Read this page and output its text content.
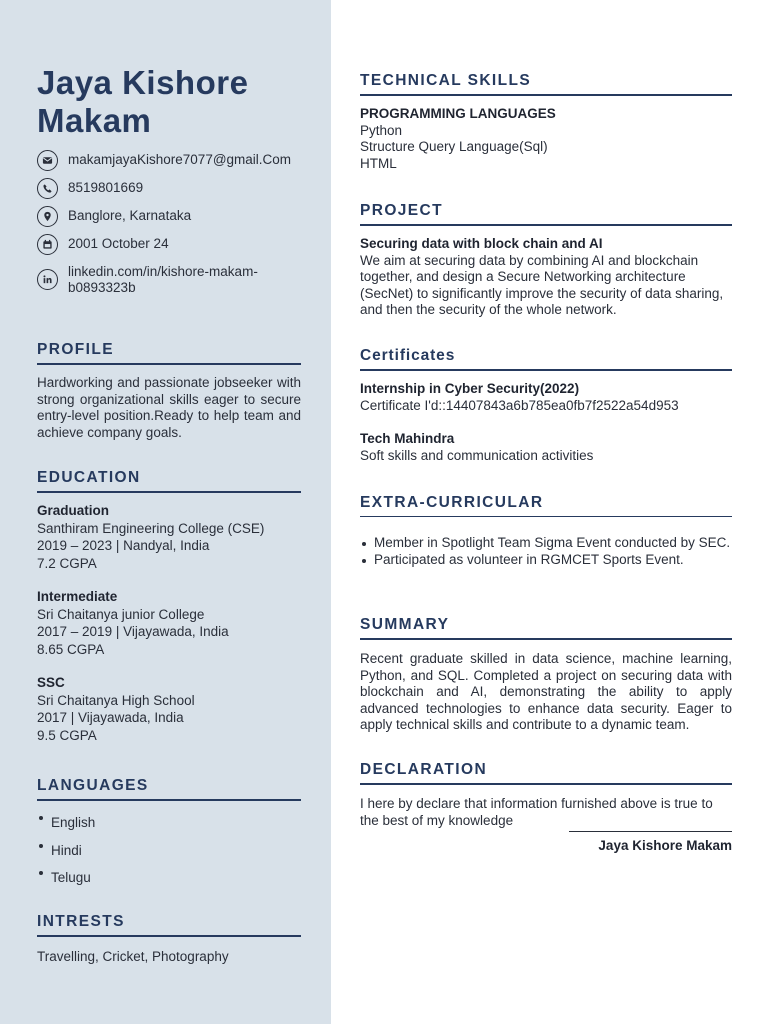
Jaya Kishore
Makam
makamjayaKishore7077@gmail.Com
8519801669
Banglore, Karnataka
2001 October 24
linkedin.com/in/kishore-makam-b0893323b
PROFILE
Hardworking and passionate jobseeker with strong organizational skills eager to secure entry-level position.Ready to help team and achieve company goals.
EDUCATION
Graduation
Santhiram Engineering College (CSE)
2019 – 2023 | Nandyal, India
7.2 CGPA
Intermediate
Sri Chaitanya junior College
2017 – 2019 | Vijayawada, India
8.65 CGPA
SSC
Sri Chaitanya High School
2017 | Vijayawada, India
9.5 CGPA
LANGUAGES
English
Hindi
Telugu
INTRESTS
Travelling, Cricket, Photography
TECHNICAL SKILLS
PROGRAMMING LANGUAGES
Python
Structure Query Language(Sql)
HTML
PROJECT
Securing data with block chain and AI
We aim at securing data by combining AI and blockchain together, and design a Secure Networking architecture (SecNet) to significantly improve the security of data sharing, and then the security of the whole network.
Certificates
Internship in Cyber Security(2022)
Certificate I'd::14407843a6b785ea0fb7f2522a54d953
Tech Mahindra
Soft skills and communication activities
EXTRA-CURRICULAR
Member in Spotlight Team Sigma Event conducted by SEC.
Participated as volunteer in RGMCET Sports Event.
SUMMARY
Recent graduate skilled in data science, machine learning, Python, and SQL. Completed a project on securing data with blockchain and AI, demonstrating the ability to apply advanced technologies to enhance data security. Eager to apply technical skills and contribute to a dynamic team.
DECLARATION
I here by declare that information furnished above is true to the best of my knowledge
Jaya Kishore Makam
